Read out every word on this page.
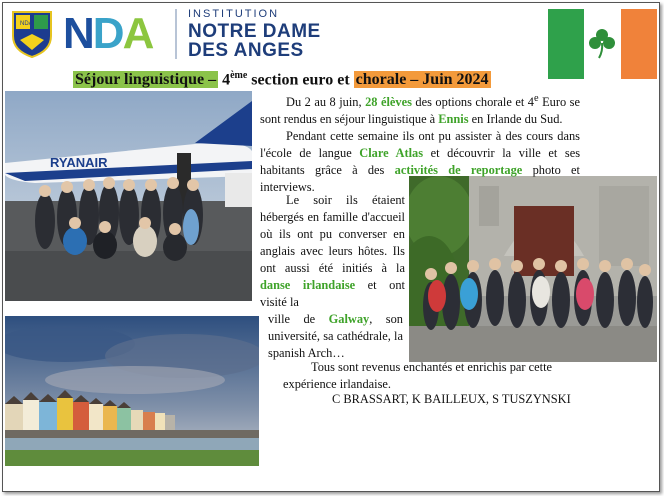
NDA NDA	INSTITUTION
NOTRE DAME
DES ANGES
Séjour linguistique – 4ème section euro et chorale – Juin 2024
RYANAIR

Du 2 au 8 juin, 28 élèves des options chorale et 4e Euro se sont rendus en séjour linguistique à Ennis en Irlande du Sud.

Pendant cette semaine ils ont pu assister à des cours dans l'école de langue Clare Atlas et découvrir la ville et ses habitants grâce à des activités de reportage photo et interviews.

Le soir ils étaient hébergés en famille d'accueil où ils ont pu converser en anglais avec leurs hôtes. Ils ont aussi été initiés à la danse irlandaise et ont visité la
ville de Galway, son université, sa cathédrale, la spanish Arch…
Tous sont revenus enchantés et enrichis par cette expérience irlandaise.
C BRASSART, K BAILLEUX, S TUSZYNSKI
